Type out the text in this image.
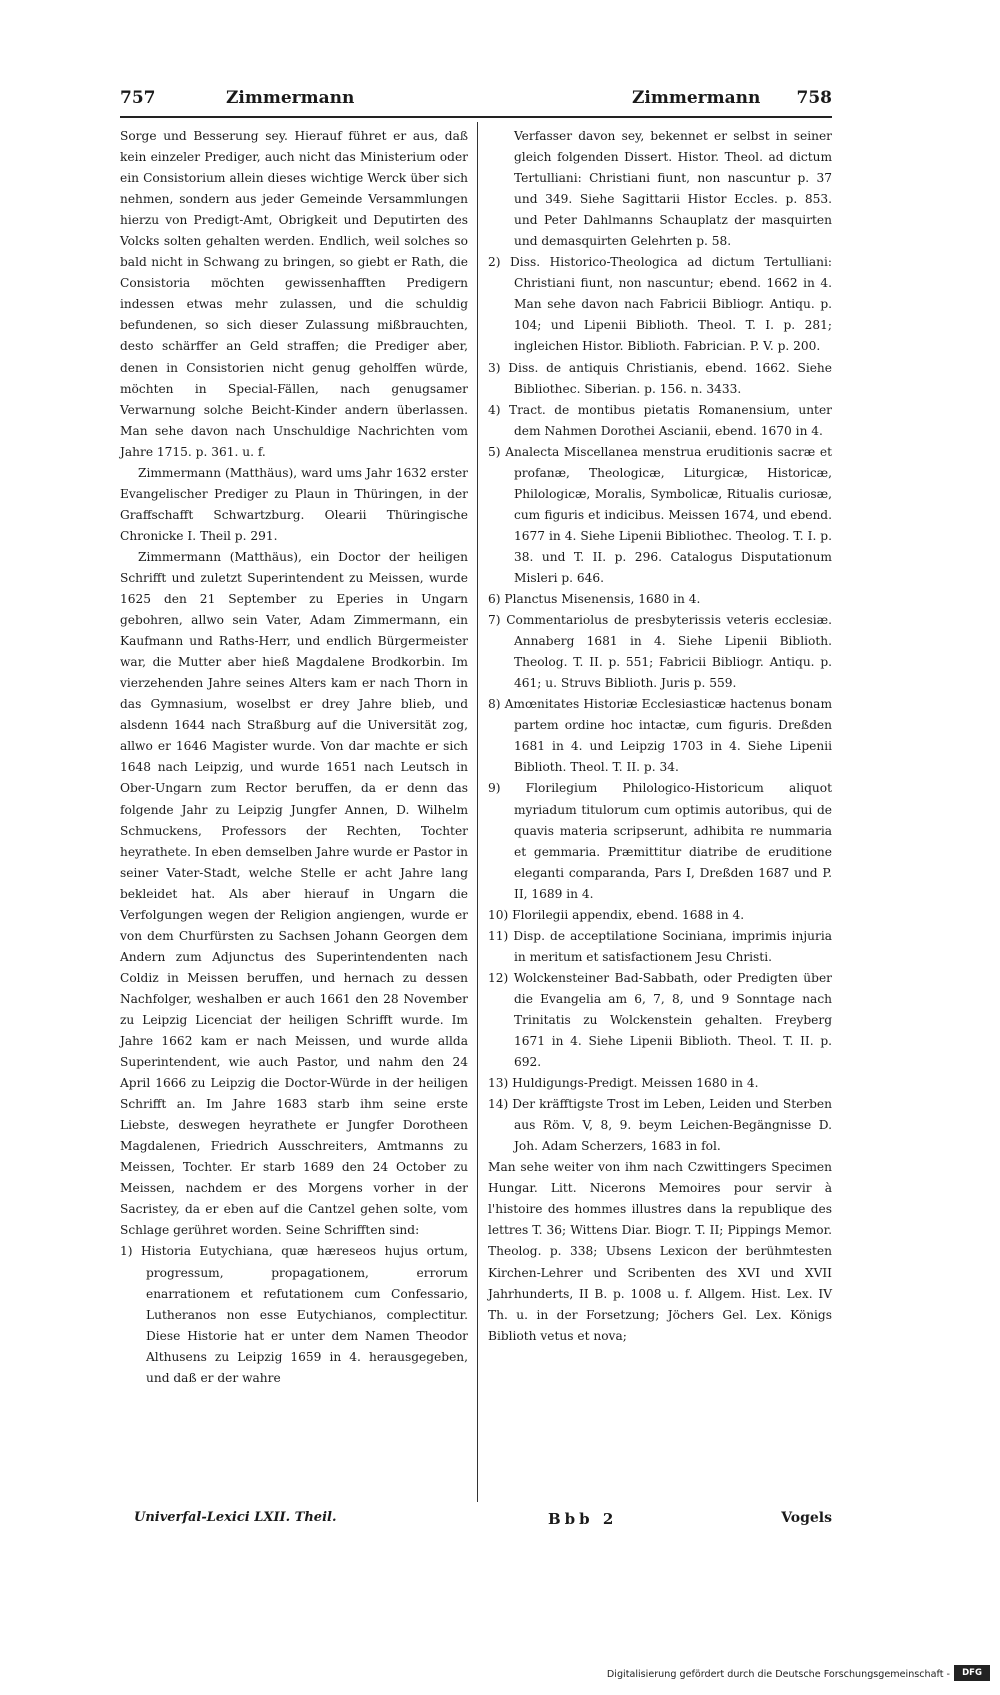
757	Zimmermann	Zimmermann 758

Sorge und Besserung sey. Hierauf führet er aus, daß kein einzeler Prediger, auch nicht das Ministerium oder ein Consistorium allein dieses wichtige Werck über sich nehmen, sondern aus jeder Gemeinde Versammlungen hierzu von Predigt-Amt, Obrigkeit und Deputirten des Volcks solten gehalten werden. Endlich, weil solches so bald nicht in Schwang zu bringen, so giebt er Rath, die Consistoria möchten gewissenhafften Predigern indessen etwas mehr zulassen, und die schuldig befundenen, so sich dieser Zulassung mißbrauchten, desto schärffer an Geld straffen; die Prediger aber, denen in Consistorien nicht genug geholffen würde, möchten in Special-Fällen, nach genugsamer Verwarnung solche Beicht-Kinder andern überlassen. Man sehe davon nach Unschuldige Nachrichten vom Jahre 1715. p. 361. u. f.

Zimmermann (Matthäus), ward ums Jahr 1632 erster Evangelischer Prediger zu Plaun in Thüringen, in der Graffschafft Schwartzburg. Olearii Thüringische Chronicke I. Theil p. 291.

Zimmermann (Matthäus), ein Doctor der heiligen Schrifft und zuletzt Superintendent zu Meissen, wurde 1625 den 21 September zu Eperies in Ungarn gebohren, allwo sein Vater, Adam Zimmermann, ein Kaufmann und Raths-Herr, und endlich Bürgermeister war, die Mutter aber hieß Magdalene Brodkorbin. Im vierzehenden Jahre seines Alters kam er nach Thorn in das Gymnasium, woselbst er drey Jahre blieb, und alsdenn 1644 nach Straßburg auf die Universität zog, allwo er 1646 Magister wurde. Von dar machte er sich 1648 nach Leipzig, und wurde 1651 nach Leutsch in Ober-Ungarn zum Rector beruffen, da er denn das folgende Jahr zu Leipzig Jungfer Annen, D. Wilhelm Schmuckens, Professors der Rechten, Tochter heyrathete. In eben demselben Jahre wurde er Pastor in seiner Vater-Stadt, welche Stelle er acht Jahre lang bekleidet hat. Als aber hierauf in Ungarn die Verfolgungen wegen der Religion angiengen, wurde er von dem Churfürsten zu Sachsen Johann Georgen dem Andern zum Adjunctus des Superintendenten nach Coldiz in Meissen beruffen, und hernach zu dessen Nachfolger, weshalben er auch 1661 den 28 November zu Leipzig Licenciat der heiligen Schrifft wurde. Im Jahre 1662 kam er nach Meissen, und wurde allda Superintendent, wie auch Pastor, und nahm den 24 April 1666 zu Leipzig die Doctor-Würde in der heiligen Schrifft an. Im Jahre 1683 starb ihm seine erste Liebste, deswegen heyrathete er Jungfer Dorotheen Magdalenen, Friedrich Ausschreiters, Amtmanns zu Meissen, Tochter. Er starb 1689 den 24 October zu Meissen, nachdem er des Morgens vorher in der Sacristey, da er eben auf die Cantzel gehen solte, vom Schlage gerühret worden. Seine Schrifften sind:

1) Historia Eutychiana, quæ hæreseos hujus ortum, progressum, propagationem, errorum enarrationem et refutationem cum Confessario, Lutheranos non esse Eutychianos, complectitur. Diese Historie hat er unter dem Namen Theodor Althusens zu Leipzig 1659 in 4. herausgegeben, und daß er der wahre

Verfasser davon sey, bekennet er selbst in seiner gleich folgenden Dissert. Histor. Theol. ad dictum Tertulliani: Christiani fiunt, non nascuntur p. 37 und 349. Siehe Sagittarii Histor Eccles. p. 853. und Peter Dahlmanns Schauplatz der masquirten und demasquirten Gelehrten p. 58.

2) Diss. Historico-Theologica ad dictum Tertulliani: Christiani fiunt, non nascuntur; ebend. 1662 in 4. Man sehe davon nach Fabricii Bibliogr. Antiqu. p. 104; und Lipenii Biblioth. Theol. T. I. p. 281; ingleichen Histor. Biblioth. Fabrician. P. V. p. 200.

3) Diss. de antiquis Christianis, ebend. 1662. Siehe Bibliothec. Siberian. p. 156. n. 3433.

4) Tract. de montibus pietatis Romanensium, unter dem Nahmen Dorothei Ascianii, ebend. 1670 in 4.

5) Analecta Miscellanea menstrua eruditionis sacræ et profanæ, Theologicæ, Liturgicæ, Historicæ, Philologicæ, Moralis, Symbolicæ, Ritualis curiosæ, cum figuris et indicibus. Meissen 1674, und ebend. 1677 in 4. Siehe Lipenii Bibliothec. Theolog. T. I. p. 38. und T. II. p. 296. Catalogus Disputationum Misleri p. 646.

6) Planctus Misenensis, 1680 in 4.

7) Commentariolus de presbyterissis veteris ecclesiæ. Annaberg 1681 in 4. Siehe Lipenii Biblioth. Theolog. T. II. p. 551; Fabricii Bibliogr. Antiqu. p. 461; u. Struvs Biblioth. Juris p. 559.

8) Amœnitates Historiæ Ecclesiasticæ hactenus bonam partem ordine hoc intactæ, cum figuris. Dreßden 1681 in 4. und Leipzig 1703 in 4. Siehe Lipenii Biblioth. Theol. T. II. p. 34.

9) Florilegium Philologico-Historicum aliquot myriadum titulorum cum optimis autoribus, qui de quavis materia scripserunt, adhibita re nummaria et gemmaria. Præmittitur diatribe de eruditione eleganti comparanda, Pars I, Dreßden 1687 und P. II, 1689 in 4.

10) Florilegii appendix, ebend. 1688 in 4.

11) Disp. de acceptilatione Sociniana, imprimis injuria in meritum et satisfactionem Jesu Christi.

12) Wolckensteiner Bad-Sabbath, oder Predigten über die Evangelia am 6, 7, 8, und 9 Sonntage nach Trinitatis zu Wolckenstein gehalten. Freyberg 1671 in 4. Siehe Lipenii Biblioth. Theol. T. II. p. 692.

13) Huldigungs-Predigt. Meissen 1680 in 4.

14) Der kräfftigste Trost im Leben, Leiden und Sterben aus Röm. V, 8, 9. beym Leichen-Begängnisse D. Joh. Adam Scherzers, 1683 in fol.

Man sehe weiter von ihm nach Czwittingers Specimen Hungar. Litt. Nicerons Memoires pour servir à l'histoire des hommes illustres dans la republique des lettres T. 36; Wittens Diar. Biogr. T. II; Pippings Memor. Theolog. p. 338; Ubsens Lexicon der berühmtesten Kirchen-Lehrer und Scribenten des XVI und XVII Jahrhunderts, II B. p. 1008 u. f. Allgem. Hist. Lex. IV Th. u. in der Forsetzung; Jöchers Gel. Lex. Königs Biblioth vetus et nova;

Univerfal-Lexici LXII. Theil.	Bbb 2	Vogels
Digitalisierung gefördert durch die Deutsche Forschungsgemeinschaft -	DFG
